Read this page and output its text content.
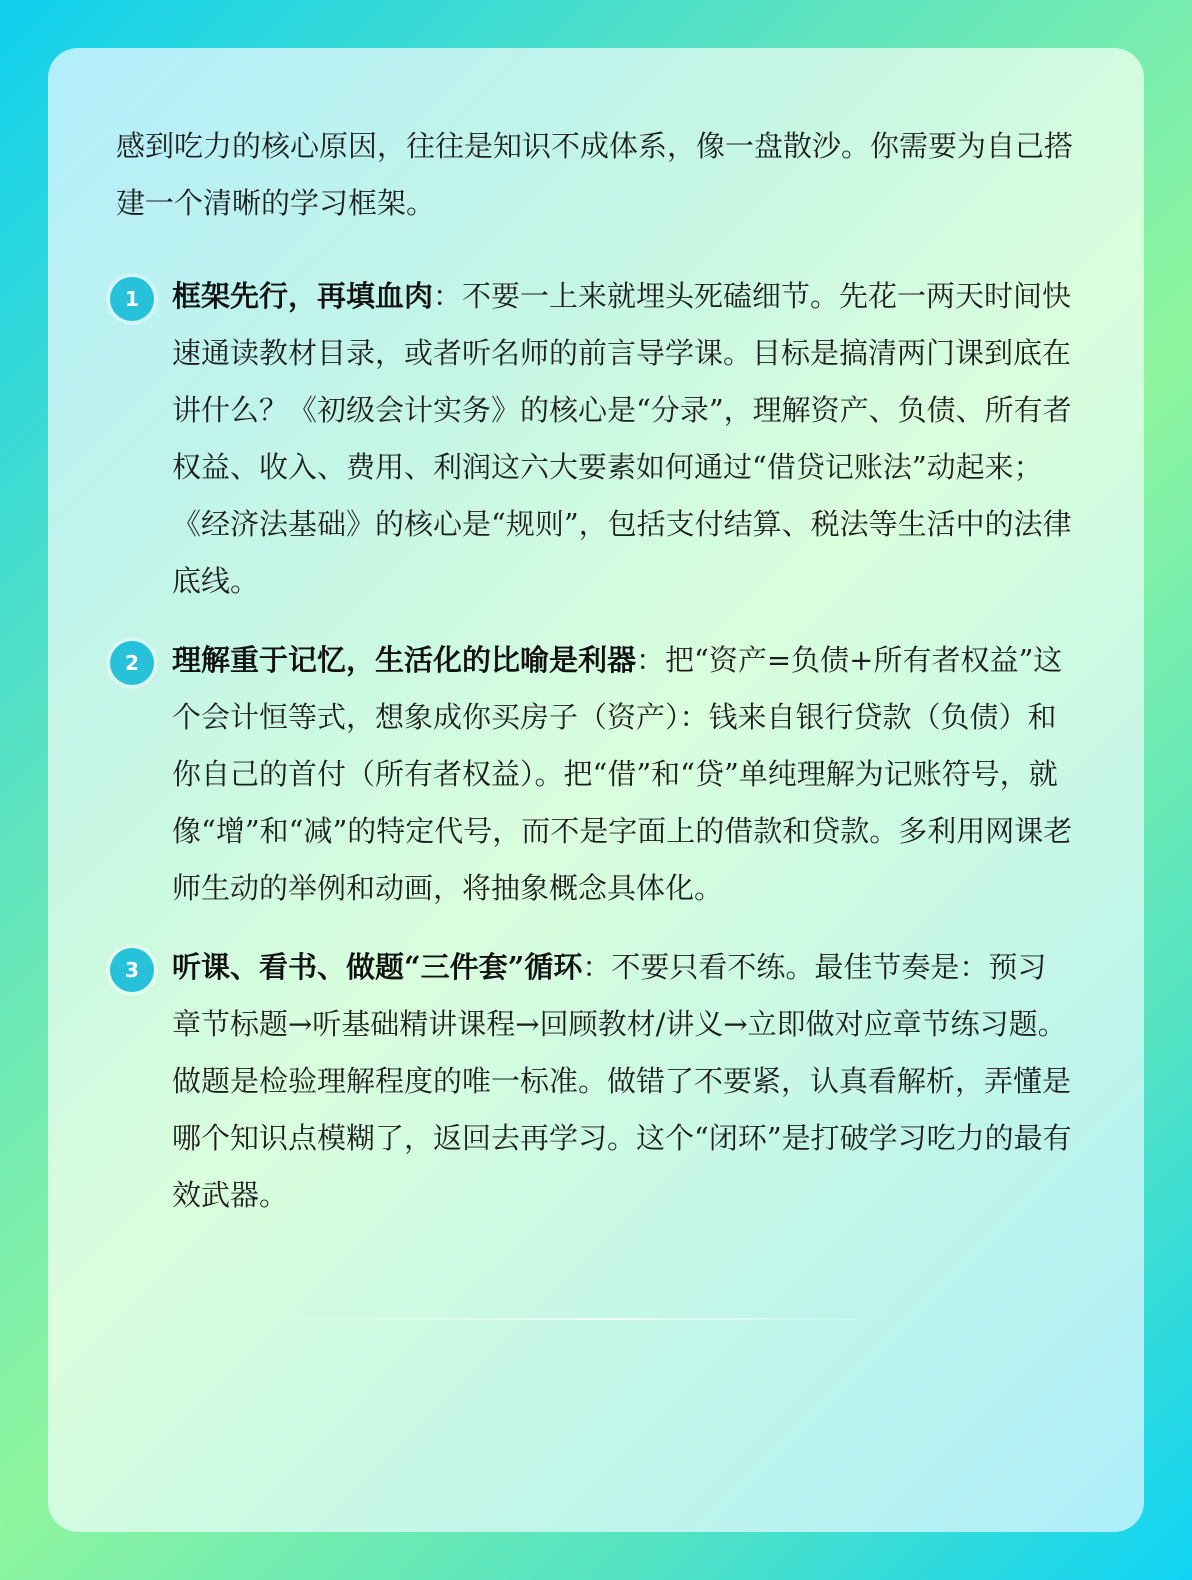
感到吃力的核心原因，往往是知识不成体系，像一盘散沙。你需要为自己搭建一个清晰的学习框架。

1	框架先行，再填血肉：不要一上来就埋头死磕细节。先花一两天时间快速通读教材目录，或者听名师的前言导学课。目标是搞清两门课到底在讲什么？《初级会计实务》的核心是“分录”，理解资产、负债、所有者权益、收入、费用、利润这六大要素如何通过“借贷记账法”动起来；《经济法基础》的核心是“规则”，包括支付结算、税法等生活中的法律底线。
2	理解重于记忆，生活化的比喻是利器：把“资产=负债+所有者权益”这个会计恒等式，想象成你买房子（资产）：钱来自银行贷款（负债）和你自己的首付（所有者权益）。把“借”和“贷”单纯理解为记账符号，就像“增”和“减”的特定代号，而不是字面上的借款和贷款。多利用网课老师生动的举例和动画，将抽象概念具体化。
3	听课、看书、做题“三件套”循环：不要只看不练。最佳节奏是：预习章节标题→听基础精讲课程→回顾教材/讲义→立即做对应章节练习题。做题是检验理解程度的唯一标准。做错了不要紧，认真看解析，弄懂是哪个知识点模糊了，返回去再学习。这个“闭环”是打破学习吃力的最有效武器。
